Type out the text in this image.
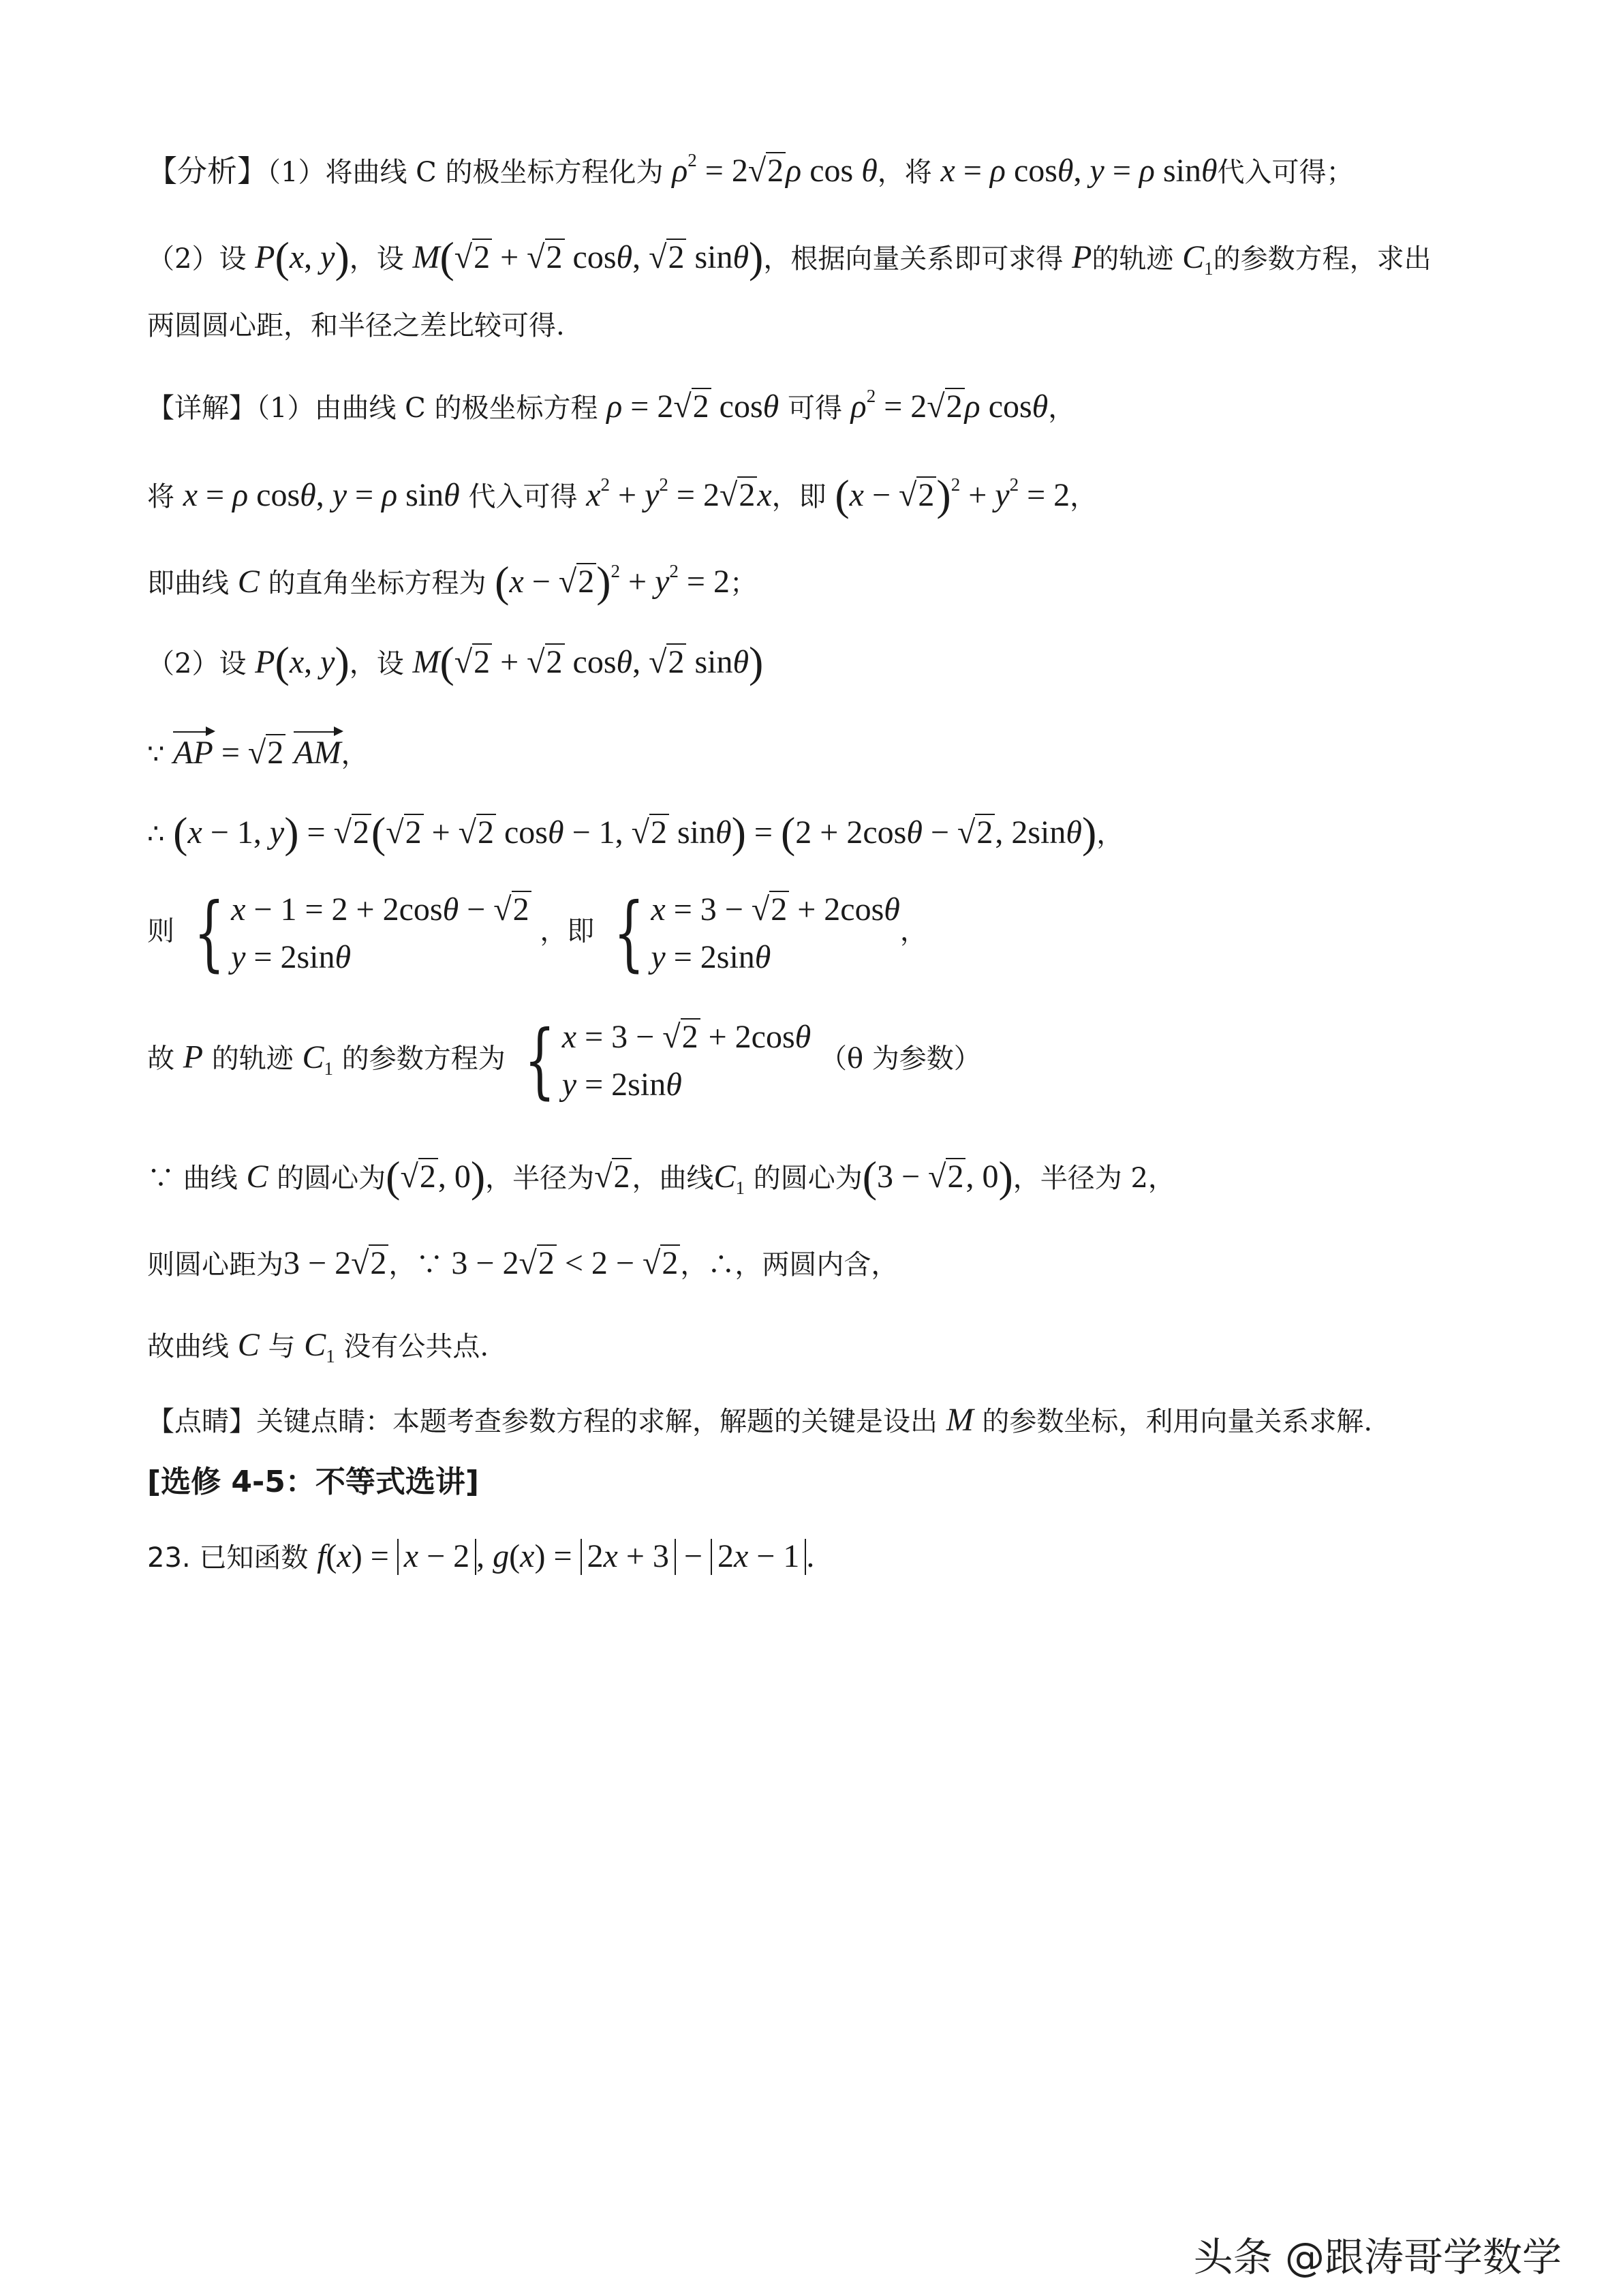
【分析】（1）将曲线 C 的极坐标方程化为 $\rho^2 = 2√2\rho$ cos θ，将 x = ρ cosθ, y = ρ sinθ代入可得；
（2）设 P(x, y)，设 M(√2 + √2 cosθ, √2 sinθ)，根据向量关系即可求得 P的轨迹 $C_1$的参数方程，求出
两圆圆心距，和半径之差比较可得.
【详解】（1）由曲线 C 的极坐标方程 ρ = 2√2 cosθ 可得 $\rho^2 = 2√2\rho$ cosθ，
将 x = ρ cosθ, y = ρ sinθ 代入可得 $x^2 + y^2 = 2√2x$，即 $(x - √2)^2 + y^2 = 2$，
即曲线 C 的直角坐标方程为 $(x - √2)^2 + y^2 = 2$；
（2）设 P(x, y)，设 M(√2 + √2 cosθ, √2 sinθ)
∵ AP = √2 AM，
∴ (x − 1, y) = √2(√2 + √2 cosθ − 1, √2 sinθ) = (2 + 2cosθ − √2, 2sinθ)，
则 { x − 1 = 2 + 2cosθ − √2
y = 2sinθ
，即 { x = 3 − √2 + 2cosθ
y = 2sinθ
，
故 P 的轨迹 $C_1$ 的参数方程为 { x = 3 − √2 + 2cosθ
y = 2sinθ
（θ 为参数）
∵ 曲线 C 的圆心为(√2, 0)，半径为√2，曲线$C_1$ 的圆心为(3 − √2, 0)，半径为 2，
则圆心距为3 − 2√2，∵ 3 − 2√2 < 2 − √2，∴，两圆内含，
故曲线 C 与 $C_1$ 没有公共点.
【点睛】关键点睛：本题考查参数方程的求解，解题的关键是设出 M 的参数坐标，利用向量关系求解.
[选修 4-5：不等式选讲]
23. 已知函数 f(x) = x − 2 , g(x) = 2x + 3 − 2x − 1 .
头条 @跟涛哥学数学
